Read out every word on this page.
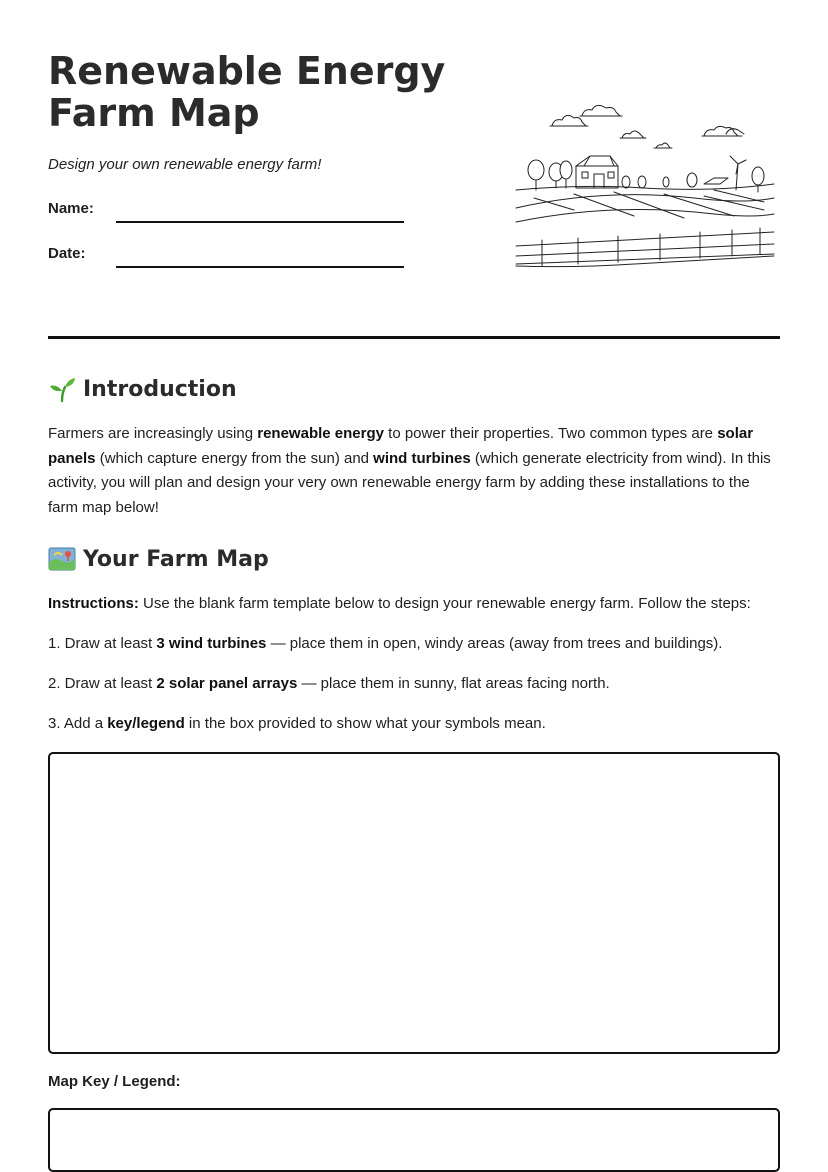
Renewable Energy Farm Map

Design your own renewable energy farm!

Name:
Date:
Introduction

Farmers are increasingly using renewable energy to power their properties. Two common types are solar panels (which capture energy from the sun) and wind turbines (which generate electricity from wind). In this activity, you will plan and design your very own renewable energy farm by adding these installations to the farm map below!

Your Farm Map

Instructions: Use the blank farm template below to design your renewable energy farm. Follow the steps:

1. Draw at least 3 wind turbines — place them in open, windy areas (away from trees and buildings).

2. Draw at least 2 solar panel arrays — place them in sunny, flat areas facing north.

3. Add a key/legend in the box provided to show what your symbols mean.

Map Key / Legend:
